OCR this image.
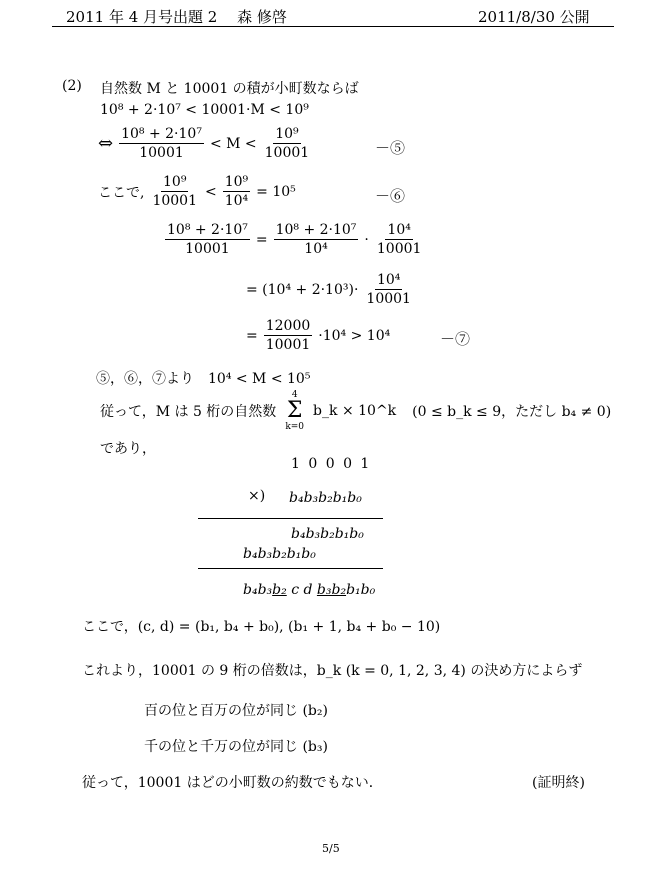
2011 年 4 月号出題 2　 森 修啓	2011/8/30 公開
(2) 自然数 M と 10001 の積が小町数ならば
10⁸ + 2·10⁷ < 10001·M < 10⁹
⇔ $\frac{\text{10⁸ + 2·10⁷}}{10001} < M < \frac{\text{10⁹}}{10001}$	－⑤
ここで, $\frac{\text{10⁹}}{10001} < \frac{\text{10⁹}}{\text{10⁴}} = 10^5$	－⑥
$\frac{\text{10⁸ + 2·10⁷}}{10001} = \frac{\text{10⁸ + 2·10⁷}}{\text{10⁴}} \cdot \frac{\text{10⁴}}{10001}$
= $(10^4 + 2\cdot 10^3)\cdot \frac{\text{10⁴}}{10001}$
= $\frac{12000}{10001} \cdot 10^4 > 10^4$	－⑦
⑤，⑥，⑦より　10⁴ < M < 10⁵
従って，M は 5 桁の自然数
4
Σ
k=0
b_k × 10^k (0 ≤ b_k ≤ 9，ただし b₄ ≠ 0)
であり，
1 0 0 0 1
×) b₄b₃b₂b₁b₀
b₄b₃b₂b₁b₀
b₄b₃b₂b₁b₀
b₄b₃b₂ c d b₃b₂b₁b₀
ここで，(c, d) = (b₁, b₄ + b₀), (b₁ + 1, b₄ + b₀ − 10)
これより，10001 の 9 桁の倍数は，b_k (k = 0, 1, 2, 3, 4) の決め方によらず
百の位と百万の位が同じ (b₂)
千の位と千万の位が同じ (b₃)
従って，10001 はどの小町数の約数でもない．	(証明終)
5/5
